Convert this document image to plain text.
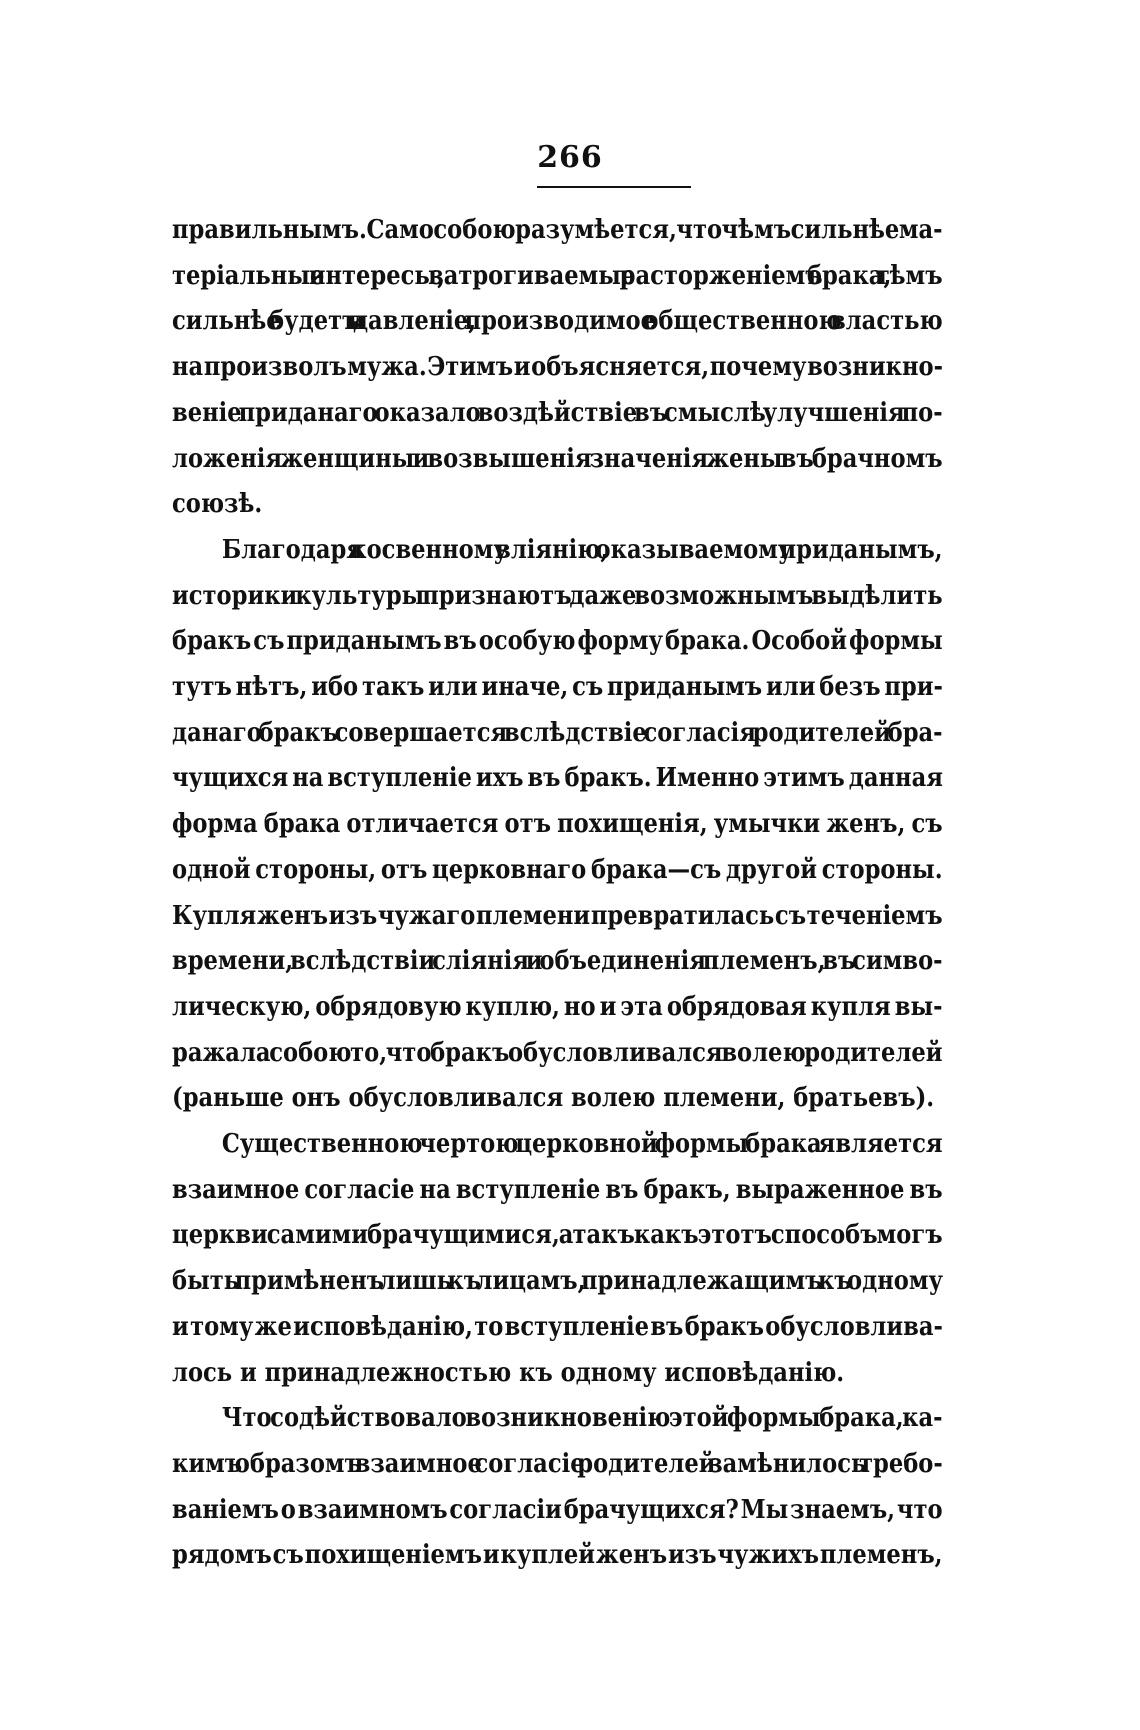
266
правильнымъ. Само собою разумѣется, что чѣмъ сильнѣе ма-
теріальные интересы, затрогиваемые расторженіемъ брака, тѣмъ
сильнѣе будетъ и давленіе, производимое общественною властью
на произволъ мужа. Этимъ и объясняется, почему возникно-
веніе приданаго оказало воздѣйствіе въ смыслѣ улучшенія по-
ложенія женщины и возвышенія значенія жены въ брачномъ
союзѣ.
Благодаря косвенному вліянію, оказываемому приданымъ,
историки культуры признаютъ даже возможнымъ выдѣлить
бракъ съ приданымъ въ особую форму брака. Особой формы
тутъ нѣтъ, ибо такъ или иначе, съ приданымъ или безъ при-
данаго бракъ совершается вслѣдствіе согласія родителей бра-
чущихся на вступленіе ихъ въ бракъ. Именно этимъ данная
форма брака отличается отъ похищенія, умычки женъ, съ
одной стороны, отъ церковнаго брака—съ другой стороны.
Купля женъ изъ чужаго племени превратилась съ теченіемъ
времени, вслѣдствіи слiянія и объединенія племенъ, въ симво-
лическую, обрядовую куплю, но и эта обрядовая купля вы-
ражала собою то, что бракъ обусловливался волею родителей
(раньше онъ обусловливался волею племени, братьевъ).
Существенною чертою церковной формы брака является
взаимное согласіе на вступленіе въ бракъ, выраженное въ
церкви самими брачущимися, а такъ какъ этотъ способъ могъ
быть примѣненъ лишь къ лицамъ, принадлежащимъ къ одному
и тому же исповѣданію, то вступленіе въ бракъ обусловлива-
лось и принадлежностью къ одному исповѣданію.
Что содѣйствовало возникновенію этой формы брака, ка-
кимъ образомъ взаимное согласіе родителей замѣнилось требо-
ваніемъ о взаимномъ согласіи брачущихся? Мы знаемъ, что
рядомъ съ похищеніемъ и куплей женъ изъ чужихъ племенъ,
